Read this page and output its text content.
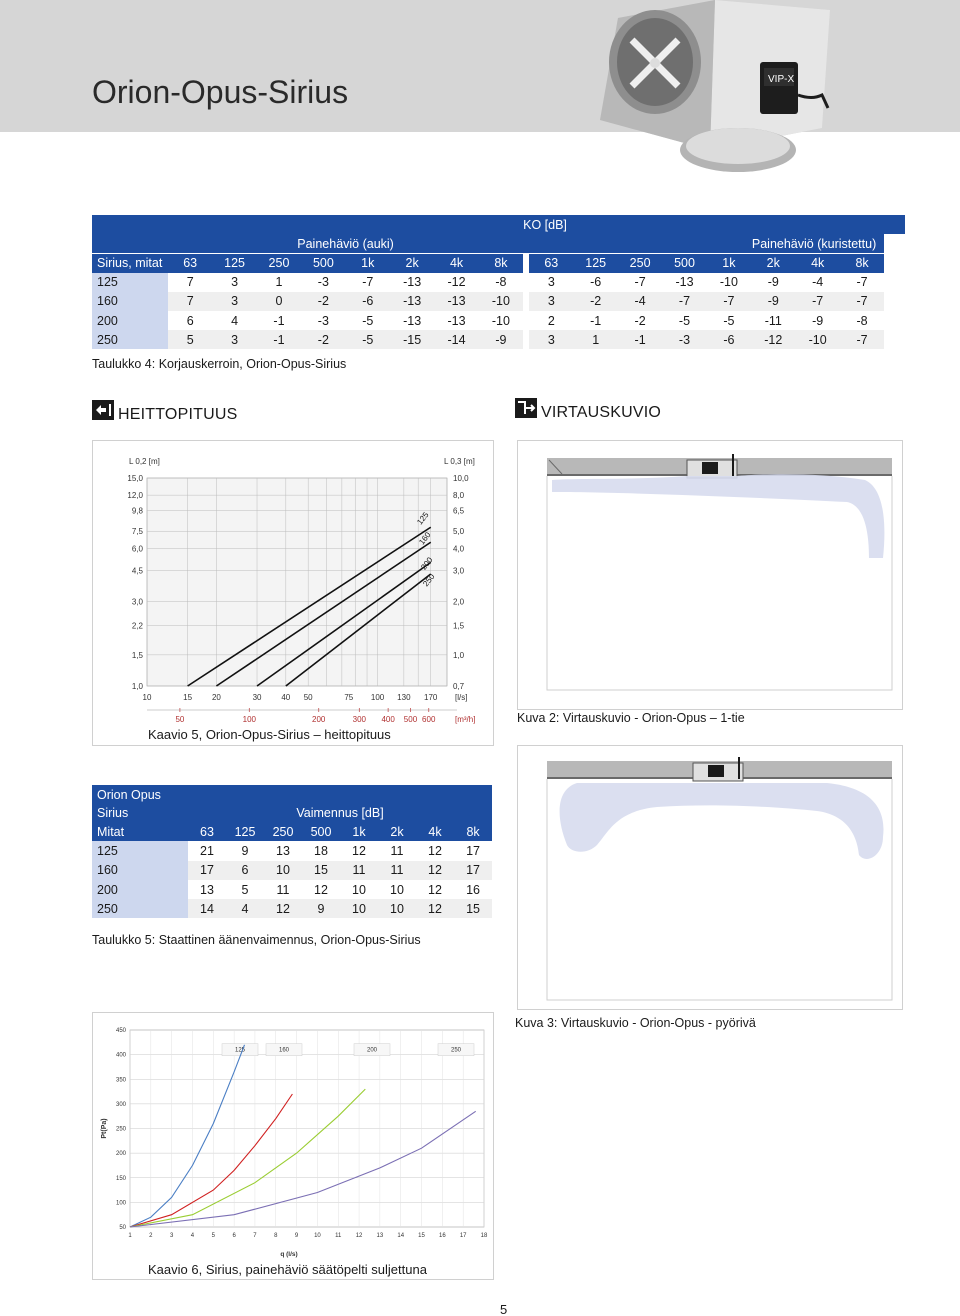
Orion-Opus-Sirius	VIP-X
									KO [dB]								
	Painehäviö (auki)									Painehäviö (kuristettu)							
Sirius, mitat	63	125	250	500	1k	2k	4k	8k		63	125	250	500	1k	2k	4k	8k
125	7	3	1	-3	-7	-13	-12	-8		3	-6	-7	-13	-10	-9	-4	-7
160	7	3	0	-2	-6	-13	-13	-10		3	-2	-4	-7	-7	-9	-7	-7
200	6	4	-1	-3	-5	-13	-13	-10		2	-1	-2	-5	-5	-11	-9	-8
250	5	3	-1	-2	-5	-15	-14	-9		3	1	-1	-3	-6	-12	-10	-7
Taulukko 4: Korjauskerroin, Orion-Opus-Sirius
HEITTOPITUUS	VIRTAUSKUVIO
15,0
12,0
9,8
7,5
6,0
4,5
3,0
2,2
1,5
1,0
10,0
8,0
6,5
5,0
4,0
3,0
2,0
1,5
1,0
0,7
L 0,2 [m]	L 0,3 [m]
10	15 20	30 40 50	75 100 130 170 [l/s]
50	100	200	300 400 500 600 [m³/h]
125
160
200
250
Kaavio 5, Orion-Opus-Sirius – heittopituus
Kuva 2: Virtauskuvio - Orion-Opus – 1-tie
Orion Opus Sirius	Vaimennus [dB]							
Mitat	63	125	250	500	1k	2k	4k	8k
125	21	9	13	18	12	11	12	17
160	17	6	10	15	11	11	12	17
200	13	5	11	12	10	10	12	16
250	14	4	12	9	10	10	12	15
Taulukko 5: Staattinen äänenvaimennus, Orion-Opus-Sirius
Kuva 3: Virtauskuvio - Orion-Opus - pyörivä
450
400
350
300
250
200
150
100
50
1	2	3	4	5	6	7	8	9	10 11 12 13 14 15 16 17 18
q (l/s)
Pt(Pa)
125	160	200	250
Kaavio 6, Sirius, painehäviö säätöpelti suljettuna
5
